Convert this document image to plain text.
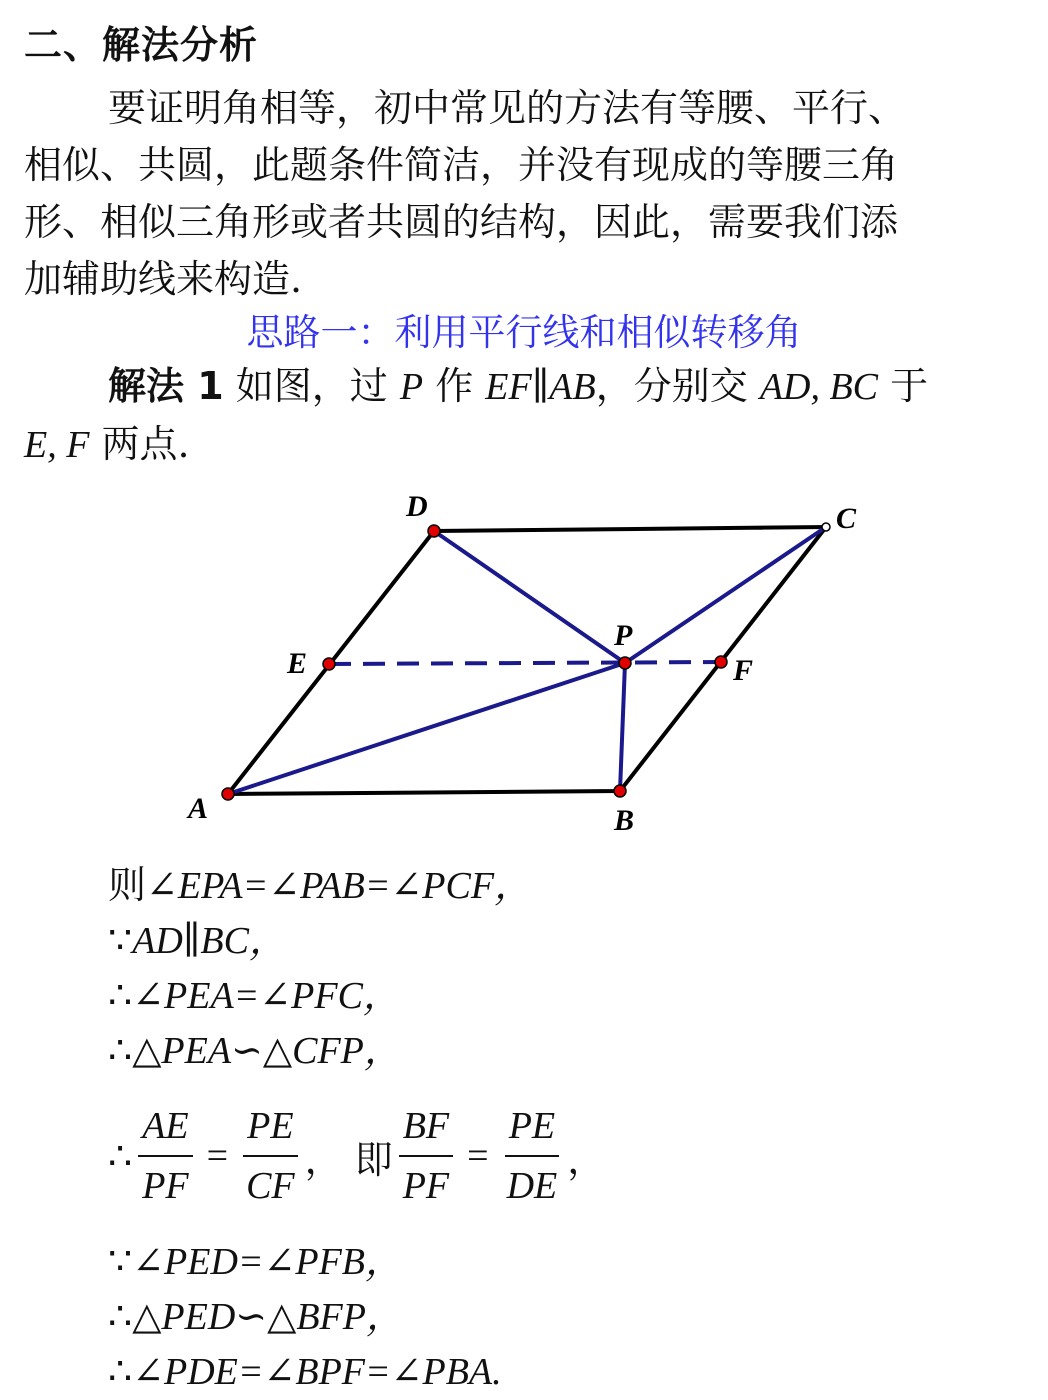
二、解法分析

要证明角相等，初中常见的方法有等腰、平行、

相似、共圆，此题条件简洁，并没有现成的等腰三角

形、相似三角形或者共圆的结构，因此，需要我们添

加辅助线来构造.

思路一：利用平行线和相似转移角

解法 1 如图，过 P 作 EF∥AB，分别交 AD, BC 于

E, F 两点.

A	B
C
D
E	F
P
则∠EPA=∠PAB=∠PCF，
∵AD∥BC，
∴∠PEA=∠PFC，
∴△PEA∽△CFP，
∴ $\frac{AE}{PF} = \frac{PE}{CF}$ ， 即 $\frac{BF}{PF} = \frac{PE}{DE}$ ，
∵∠PED=∠PFB，
∴△PED∽△BFP，
∴∠PDE=∠BPF=∠PBA.
